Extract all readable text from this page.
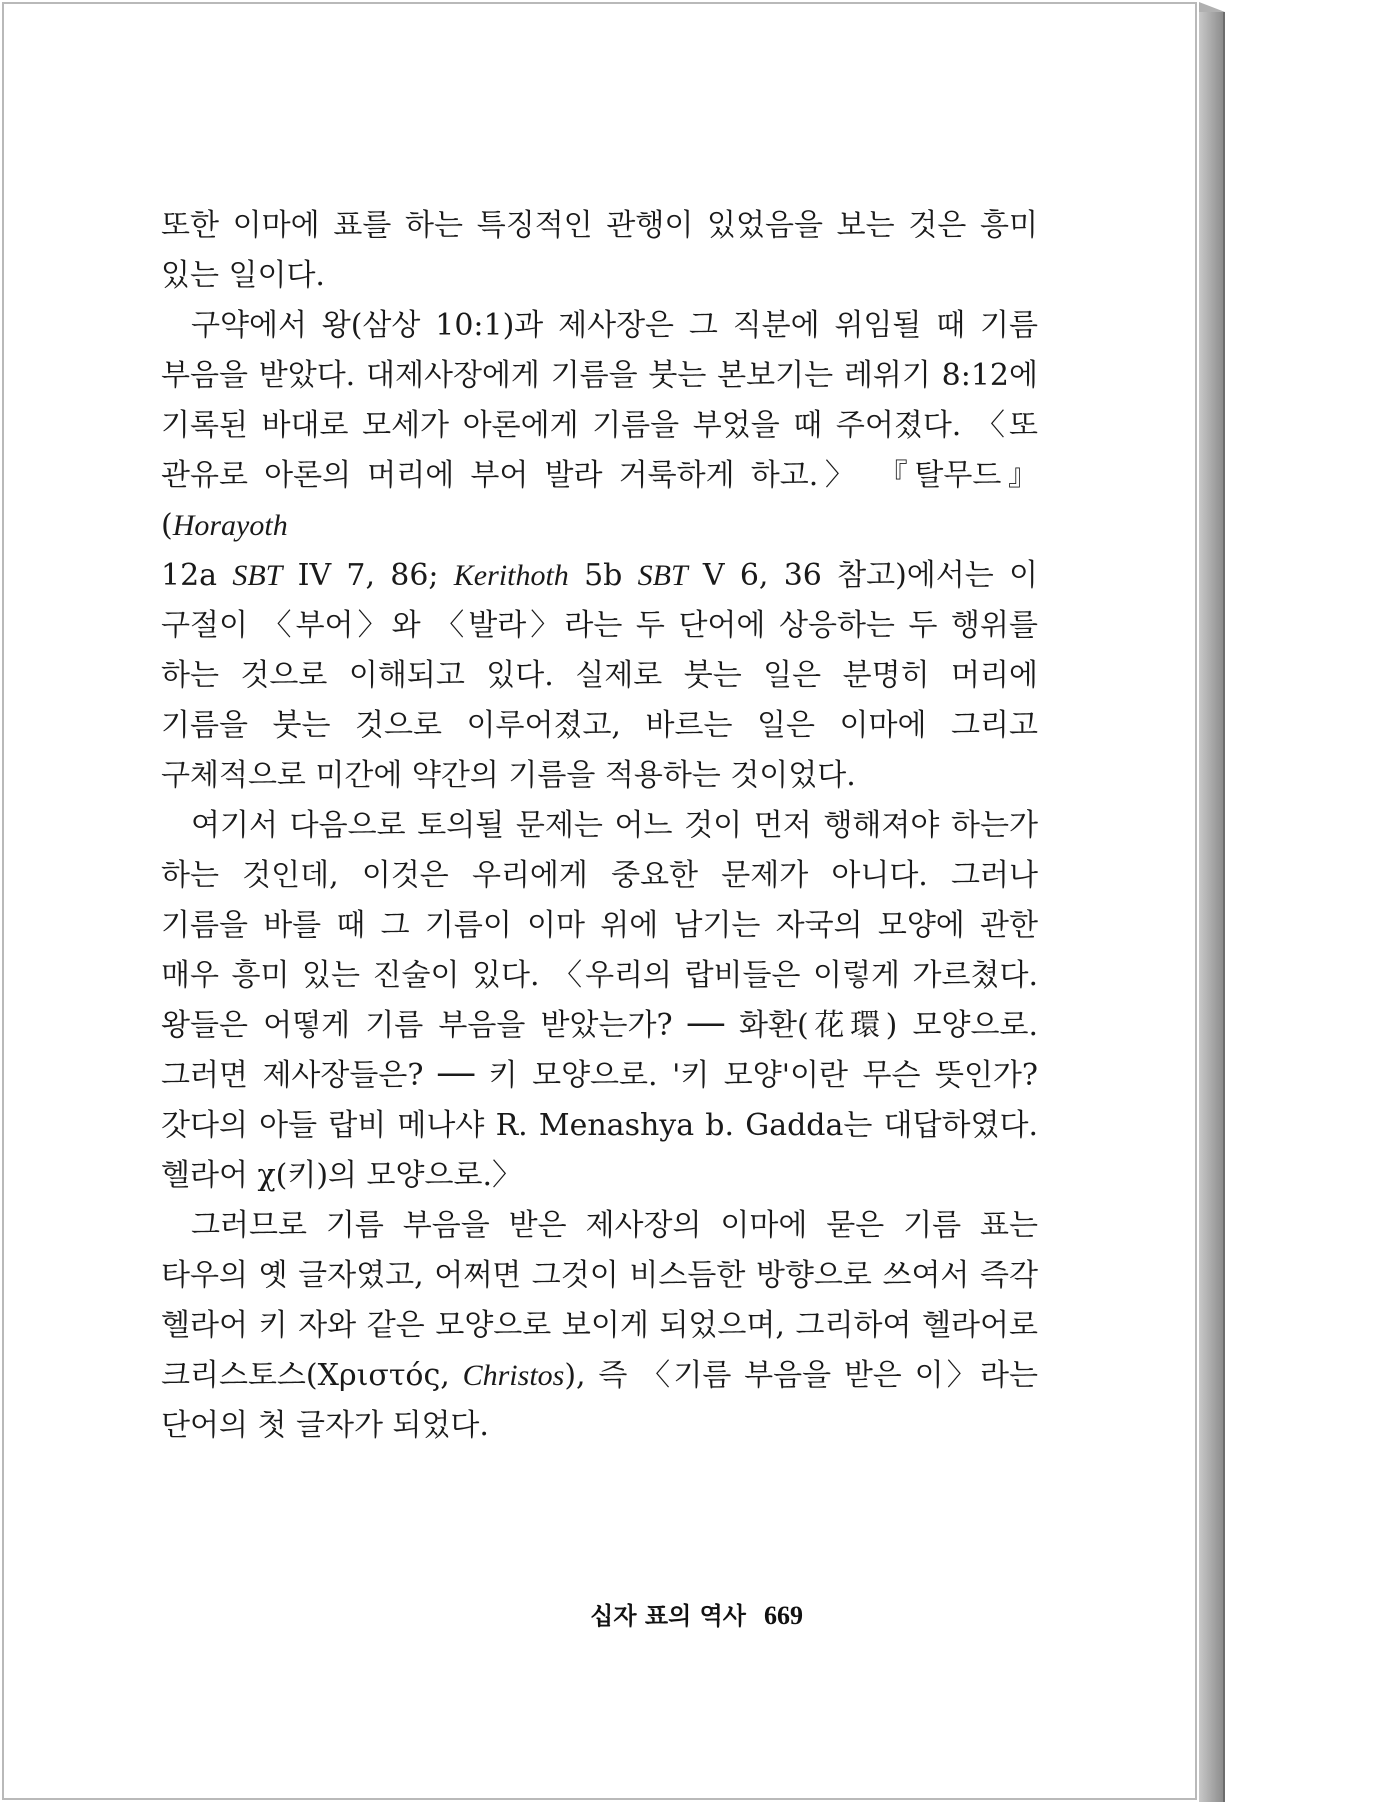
또한 이마에 표를 하는 특징적인 관행이 있었음을 보는 것은 흥미 있는 일이다.

구약에서 왕(삼상 10:1)과 제사장은 그 직분에 위임될 때 기름 부음을 받았다. 대제사장에게 기름을 붓는 본보기는 레위기 8:12에 기록된 바대로 모세가 아론에게 기름을 부었을 때 주어졌다. 〈또 관유로 아론의 머리에 부어 발라 거룩하게 하고.〉 『탈무드』(Horayoth
12a SBT IV 7, 86; Kerithoth 5b SBT V 6, 36 참고)에서는 이 구절이 〈부어〉와 〈발라〉라는 두 단어에 상응하는 두 행위를 하는 것으로 이해되고 있다. 실제로 붓는 일은 분명히 머리에 기름을 붓는 것으로 이루어졌고, 바르는 일은 이마에 그리고 구체적으로 미간에 약간의 기름을 적용하는 것이었다.

여기서 다음으로 토의될 문제는 어느 것이 먼저 행해져야 하는가 하는 것인데, 이것은 우리에게 중요한 문제가 아니다. 그러나 기름을 바를 때 그 기름이 이마 위에 남기는 자국의 모양에 관한 매우 흥미 있는 진술이 있다. 〈우리의 랍비들은 이렇게 가르쳤다. 왕들은 어떻게 기름 부음을 받았는가? ── 화환(花環) 모양으로. 그러면 제사장들은? ── 키 모양으로. '키 모양'이란 무슨 뜻인가? 갓다의 아들 랍비 메나샤 R. Menashya b. Gadda는 대답하였다. 헬라어 χ(키)의 모양으로.〉

그러므로 기름 부음을 받은 제사장의 이마에 묻은 기름 표는 타우의 옛 글자였고, 어쩌면 그것이 비스듬한 방향으로 쓰여서 즉각 헬라어 키 자와 같은 모양으로 보이게 되었으며, 그리하여 헬라어로 크리스토스(Χριστός, Christos), 즉 〈기름 부음을 받은 이〉라는 단어의 첫 글자가 되었다.

십자 표의 역사 669
